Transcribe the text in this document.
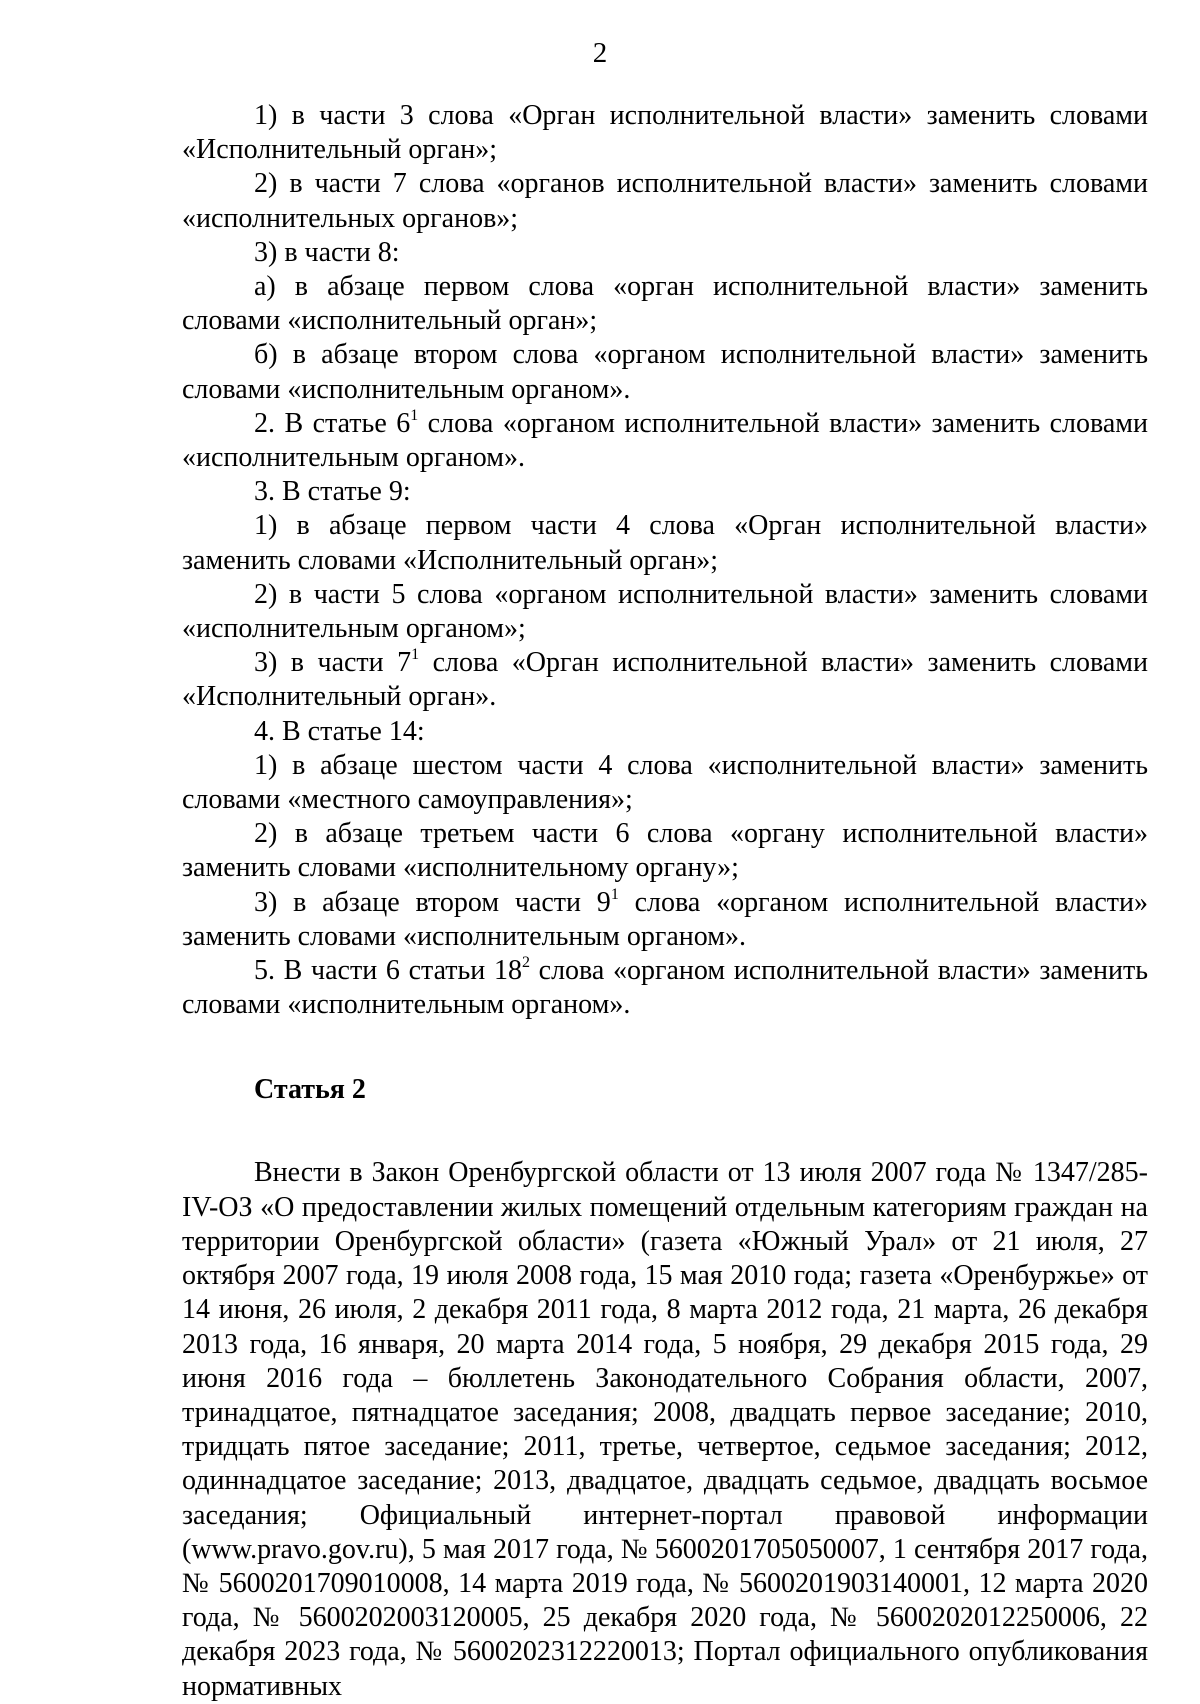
2

1) в части 3 слова «Орган исполнительной власти» заменить словами «Исполнительный орган»;

2) в части 7 слова «органов исполнительной власти» заменить словами «исполнительных органов»;

3) в части 8:

а) в абзаце первом слова «орган исполнительной власти» заменить словами «исполнительный орган»;

б) в абзаце втором слова «органом исполнительной власти» заменить словами «исполнительным органом».

2. В статье $6^1$ слова «органом исполнительной власти» заменить словами «исполнительным органом».

3. В статье 9:

1) в абзаце первом части 4 слова «Орган исполнительной власти» заменить словами «Исполнительный орган»;

2) в части 5 слова «органом исполнительной власти» заменить словами «исполнительным органом»;

3) в части $7^1$ слова «Орган исполнительной власти» заменить словами «Исполнительный орган».

4. В статье 14:

1) в абзаце шестом части 4 слова «исполнительной власти» заменить словами «местного самоуправления»;

2) в абзаце третьем части 6 слова «органу исполнительной власти» заменить словами «исполнительному органу»;

3) в абзаце втором части $9^1$ слова «органом исполнительной власти» заменить словами «исполнительным органом».

5. В части 6 статьи $18^2$ слова «органом исполнительной власти» заменить словами «исполнительным органом».

Статья 2

Внести в Закон Оренбургской области от 13 июля 2007 года № 1347/285-IV-ОЗ «О предоставлении жилых помещений отдельным категориям граждан на территории Оренбургской области» (газета «Южный Урал» от 21 июля, 27 октября 2007 года, 19 июля 2008 года, 15 мая 2010 года; газета «Оренбуржье» от 14 июня, 26 июля, 2 декабря 2011 года, 8 марта 2012 года, 21 марта, 26 декабря 2013 года, 16 января, 20 марта 2014 года, 5 ноября, 29 декабря 2015 года, 29 июня 2016 года – бюллетень Законодательного Собрания области, 2007, тринадцатое, пятнадцатое заседания; 2008, двадцать первое заседание; 2010, тридцать пятое заседание; 2011, третье, четвертое, седьмое заседания; 2012, одиннадцатое заседание; 2013, двадцатое, двадцать седьмое, двадцать восьмое заседания; Официальный интернет-портал правовой информации (www.pravo.gov.ru), 5 мая 2017 года, № 5600201705050007, 1 сентября 2017 года, № 5600201709010008, 14 марта 2019 года, № 5600201903140001, 12 марта 2020 года, № 5600202003120005, 25 декабря 2020 года, № 5600202012250006, 22 декабря 2023 года, № 5600202312220013; Портал официального опубликования нормативных
